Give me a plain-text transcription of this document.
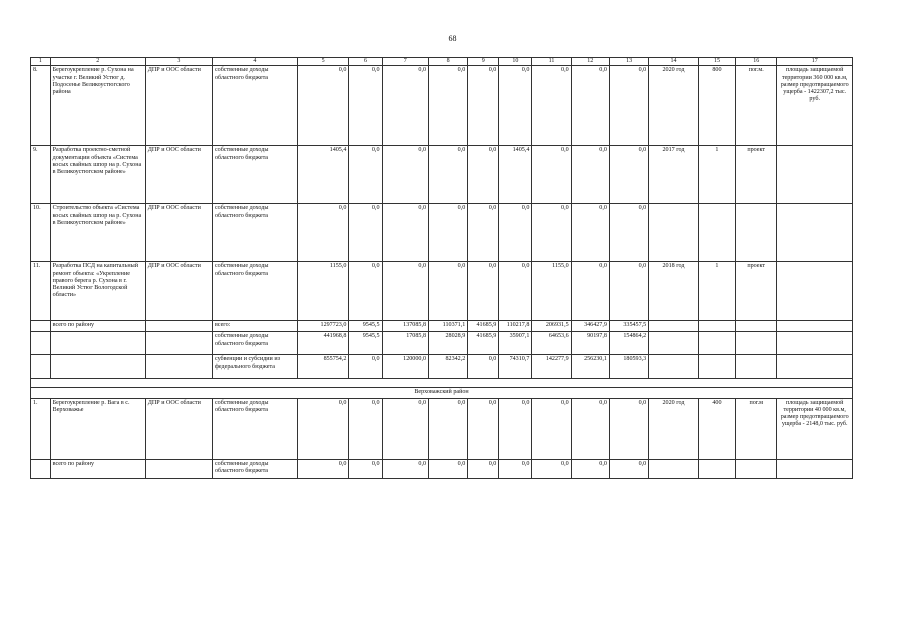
68
1	2	3	4	5	6	7	8	9	10	11	12	13	14	15	16	17
8.	Берегоукрепление р. Сухона на участке г. Великий Устюг д. Подосенье Великоустюгского района	ДПР и ООС области	собственные доходы областного бюджета	0,0	0,0	0,0	0,0	0,0	0,0	0,0	0,0	0,0	2020 год	800	пог.м.	площадь защищаемой территории 360 000 кв.м, размер предотвращаемого ущерба - 1422307,2 тыс. руб.
9.	Разработка проектно-сметной документации объекта «Система косых свайных шпор на р. Сухона в Великоустюгском районе»	ДПР и ООС области	собственные доходы областного бюджета	1405,4	0,0	0,0	0,0	0,0	1405,4	0,0	0,0	0,0	2017 год	1	проект	
10.	Строительство объекта «Система косых свайных шпор на р. Сухона в Великоустюгском районе»	ДПР и ООС области	собственные доходы областного бюджета	0,0	0,0	0,0	0,0	0,0	0,0	0,0	0,0	0,0				
11.	Разработка ПСД на капитальный ремонт объекта: «Укрепление правого берега р. Сухона в г. Великий Устюг Вологодской области»	ДПР и ООС области	собственные доходы областного бюджета	1155,0	0,0	0,0	0,0	0,0	0,0	1155,0	0,0	0,0	2018 год	1	проект	
	всего по району		всего:	1297723,0	9545,5	137085,8	110371,1	41685,9	110217,8	206931,5	346427,9	335457,5				
			собственные доходы областного бюджета	441968,8	9545,5	17085,8	28028,9	41685,9	35907,1	64653,6	90197,8	154864,2				
			субвенции и субсидии из федерального бюджета	855754,2	0,0	120000,0	82342,2	0,0	74310,7	142277,9	256230,1	180593,3				

Верховажский район																
1.	Берегоукрепление р. Вага в с. Верховажье	ДПР и ООС области	собственные доходы областного бюджета	0,0	0,0	0,0	0,0	0,0	0,0	0,0	0,0	0,0	2020 год	400	пог.м	площадь защищаемой территории 40 000 кв.м, размер предотвращаемого ущерба - 2148,0 тыс. руб.
	всего по району		собственные доходы областного бюджета	0,0	0,0	0,0	0,0	0,0	0,0	0,0	0,0	0,0				
